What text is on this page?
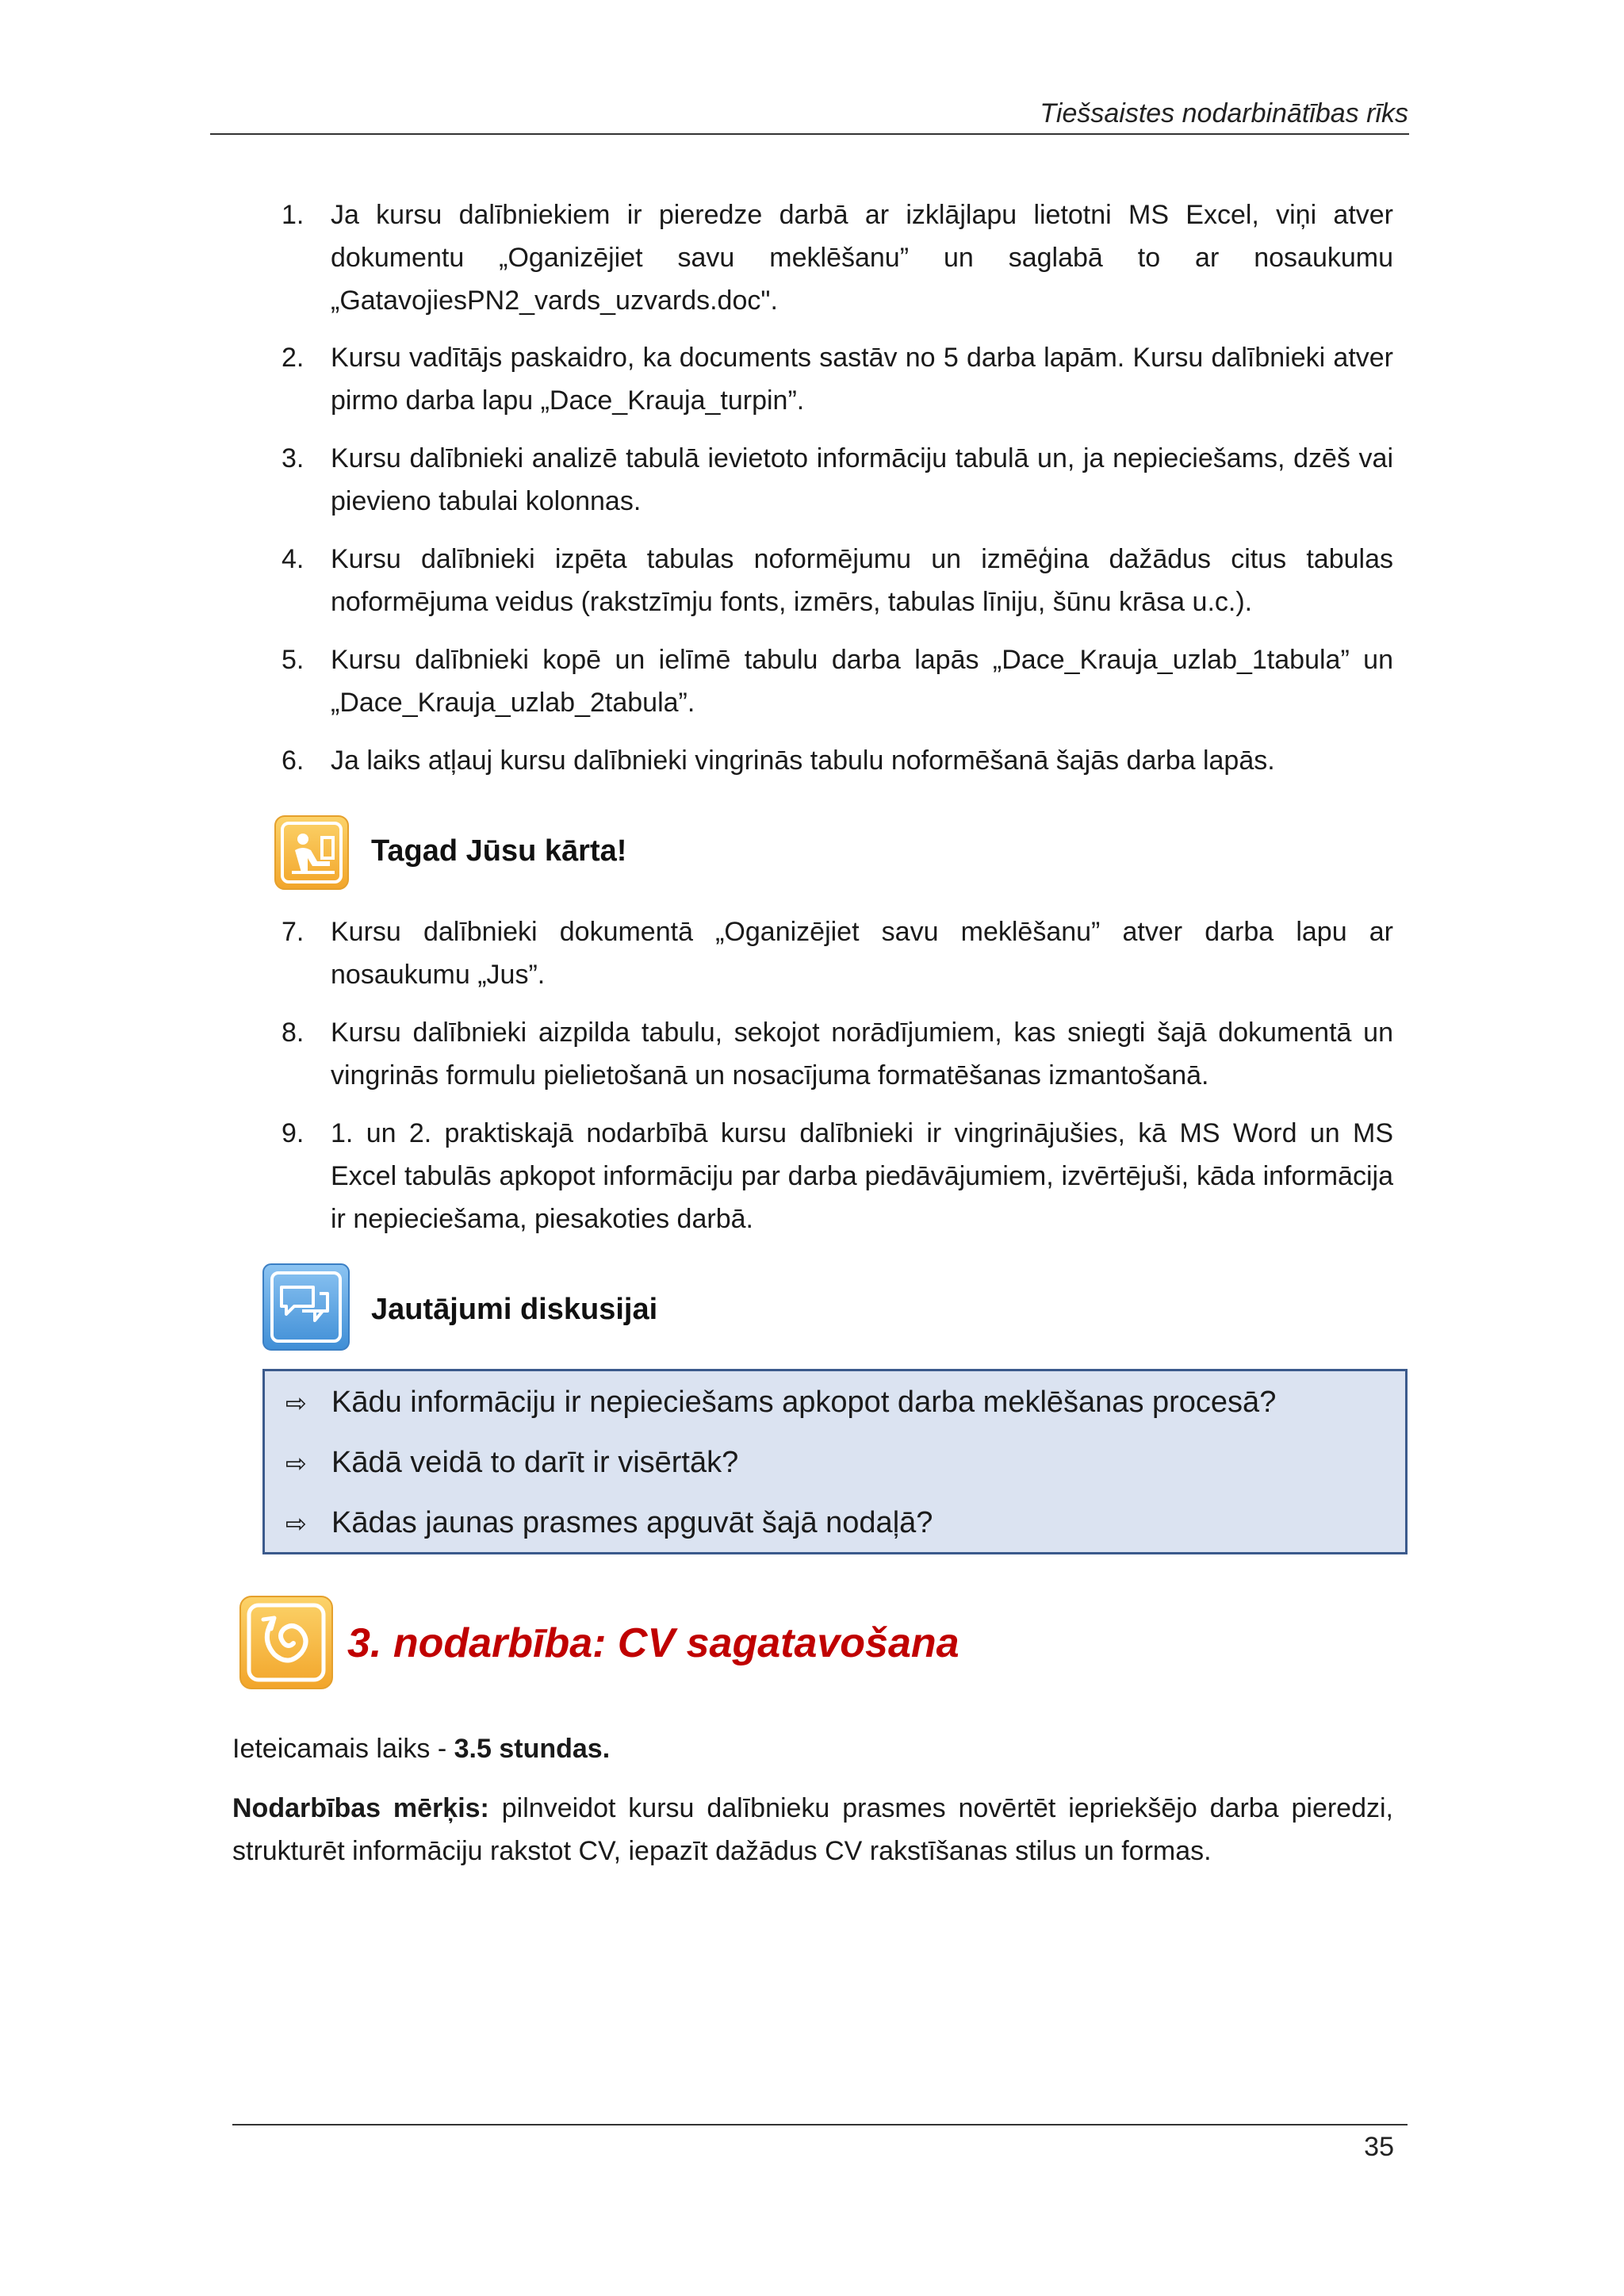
Tiešsaistes nodarbinātības rīks
1. Ja kursu dalībniekiem ir pieredze darbā ar izklājlapu lietotni MS Excel, viņi atver dokumentu „Oganizējiet savu meklēšanu” un saglabā to ar nosaukumu „GatavojiesPN2_vards_uzvards.doc".
2. Kursu vadītājs paskaidro, ka documents sastāv no 5 darba lapām. Kursu dalībnieki atver pirmo darba lapu „Dace_Krauja_turpin”.
3. Kursu dalībnieki analizē tabulā ievietoto informāciju tabulā un, ja nepieciešams, dzēš vai pievieno tabulai kolonnas.
4. Kursu dalībnieki izpēta tabulas noformējumu un izmēģina dažādus citus tabulas noformējuma veidus (rakstzīmju fonts, izmērs, tabulas līniju, šūnu krāsa u.c.).
5. Kursu dalībnieki kopē un ielīmē tabulu darba lapās „Dace_Krauja_uzlab_1tabula” un „Dace_Krauja_uzlab_2tabula”.
6. Ja laiks atļauj kursu dalībnieki vingrinās tabulu noformēšanā šajās darba lapās.
Tagad Jūsu kārta!
7. Kursu dalībnieki dokumentā „Oganizējiet savu meklēšanu” atver darba lapu ar nosaukumu „Jus”.
8. Kursu dalībnieki aizpilda tabulu, sekojot norādījumiem, kas sniegti šajā dokumentā un vingrinās formulu pielietošanā un nosacījuma formatēšanas izmantošanā.
9. 1. un 2. praktiskajā nodarbībā kursu dalībnieki ir vingrinājušies, kā MS Word un MS Excel tabulās apkopot informāciju par darba piedāvājumiem, izvērtējuši, kāda informācija ir nepieciešama, piesakoties darbā.
Jautājumi diskusijai
⇨ Kādu informāciju ir nepieciešams apkopot darba meklēšanas procesā?
⇨ Kādā veidā to darīt ir visērtāk?
⇨ Kādas jaunas prasmes apguvāt šajā nodaļā?
3. nodarbība: CV sagatavošana
Ieteicamais laiks - 3.5 stundas.
Nodarbības mērķis: pilnveidot kursu dalībnieku prasmes novērtēt iepriekšējo darba pieredzi, strukturēt informāciju rakstot CV, iepazīt dažādus CV rakstīšanas stilus un formas.
35
